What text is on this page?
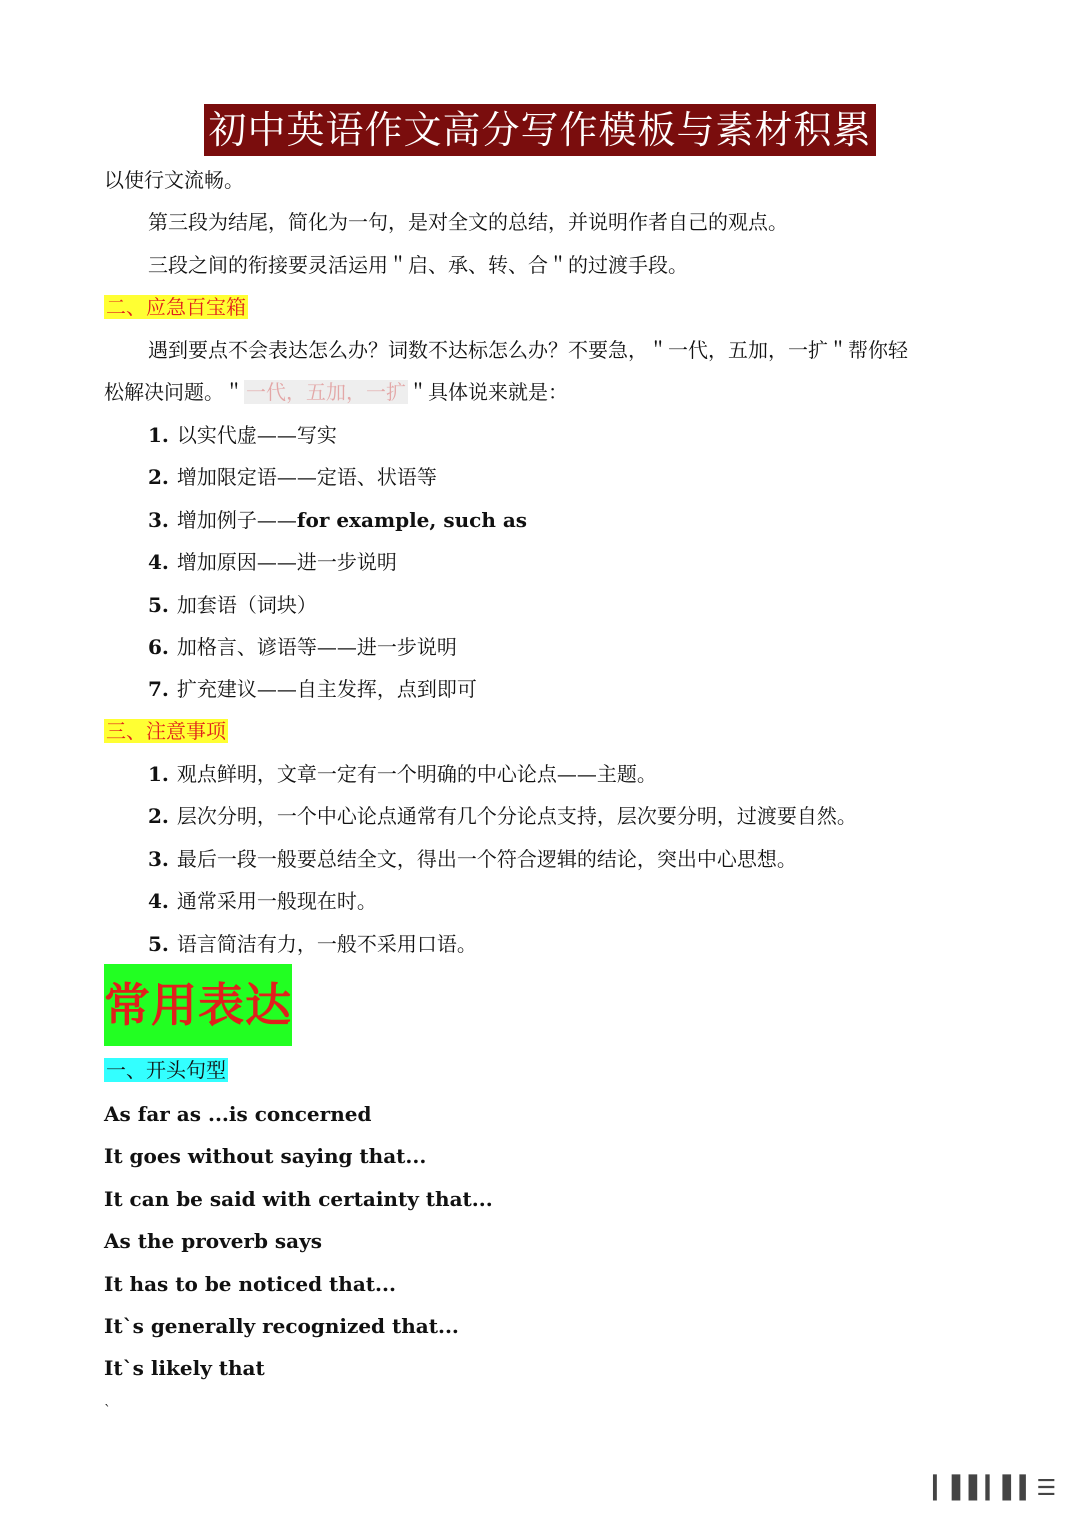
初中英语作文高分写作模板与素材积累
以使行文流畅。
第三段为结尾，简化为一句，是对全文的总结，并说明作者自己的观点。
三段之间的衔接要灵活运用＂启、承、转、合＂的过渡手段。
二、应急百宝箱
遇到要点不会表达怎么办？词数不达标怎么办？不要急，＂一代，五加，一扩＂帮你轻
松解决问题。＂ 一代，五加，一扩 ＂具体说来就是：
1. 以实代虚——写实
2. 增加限定语——定语、状语等
3. 增加例子——for example, such as
4. 增加原因——进一步说明
5. 加套语（词块）
6. 加格言、谚语等——进一步说明
7. 扩充建议——自主发挥，点到即可
三、注意事项
1. 观点鲜明，文章一定有一个明确的中心论点——主题。
2. 层次分明，一个中心论点通常有几个分论点支持，层次要分明，过渡要自然。
3. 最后一段一般要总结全文，得出一个符合逻辑的结论，突出中心思想。
4. 通常采用一般现在时。
5. 语言简洁有力，一般不采用口语。
常用表达
一、开头句型
As far as ...is concerned
It goes without saying that...
It can be said with certainty that...
As the proverb says
It has to be noticed that...
It`s generally recognized that...
It`s likely that
`
▕▏▌▌▎▌▍☰
